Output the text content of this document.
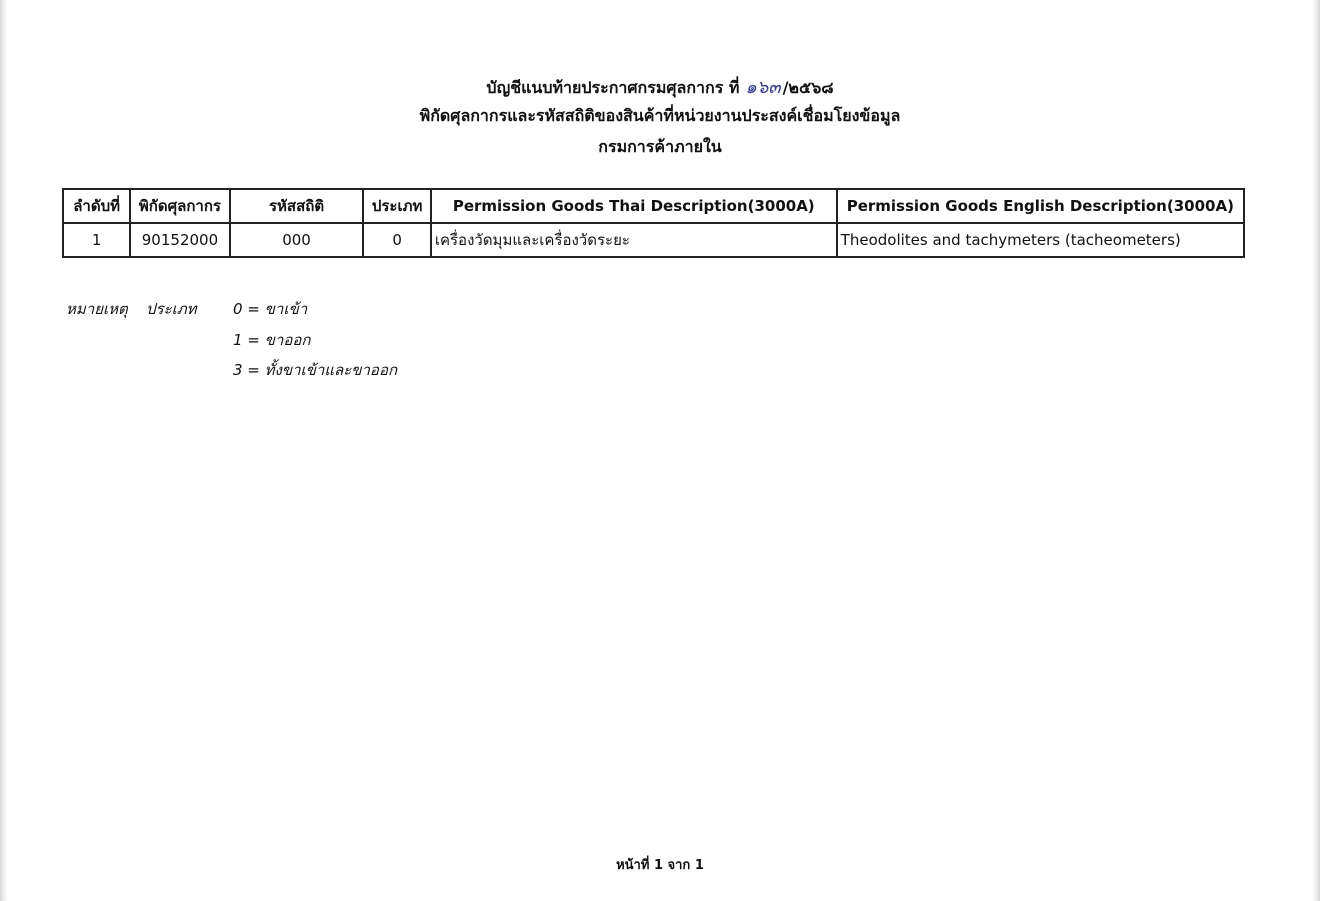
บัญชีแนบท้ายประกาศกรมศุลกากร ที่ ๑๖๓ /๒๕๖๘
พิกัดศุลกากรและรหัสสถิติของสินค้าที่หน่วยงานประสงค์เชื่อมโยงข้อมูล
กรมการค้าภายใน
ลำดับที่	พิกัดศุลกากร	รหัสสถิติ	ประเภท	Permission Goods Thai Description(3000A)	Permission Goods English Description(3000A)
1	90152000	000	0	เครื่องวัดมุมและเครื่องวัดระยะ	Theodolites and tachymeters (tacheometers)
หมายเหตุ ประเภท 0 = ขาเข้า
1 = ขาออก
3 = ทั้งขาเข้าและขาออก
หน้าที่ 1 จาก 1
